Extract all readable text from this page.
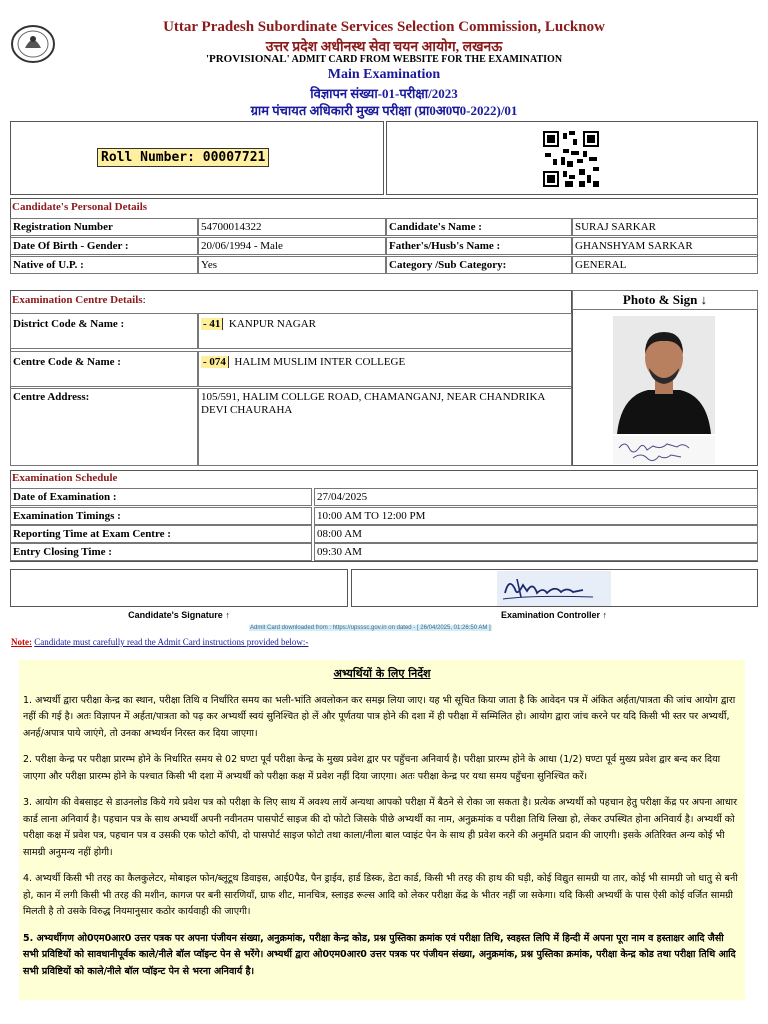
Uttar Pradesh Subordinate Services Selection Commission, Lucknow
उत्तर प्रदेश अधीनस्थ सेवा चयन आयोग, लखनऊ
'PROVISIONAL' ADMIT CARD FROM WEBSITE FOR THE EXAMINATION
Main Examination
विज्ञापन संख्या-01-परीक्षा/2023
ग्राम पंचायत अधिकारी मुख्य परीक्षा (प्रा0अ0प0-2022)/01
Roll Number: 00007721
Candidate's Personal Details
Registration Number	54700014322	Candidate's Name :	SURAJ SARKAR
Date Of Birth - Gender :	20/06/1994 - Male	Father's/Husb's Name :	GHANSHYAM SARKAR
Native of U.P. :	Yes	Category /Sub Category:	GENERAL
Examination Centre Details:	Photo & Sign ↓
District Code & Name :	- 41 KANPUR NAGAR
Centre Code & Name :	- 074 HALIM MUSLIM INTER COLLEGE
Centre Address:	105/591, HALIM COLLGE ROAD, CHAMANGANJ, NEAR CHANDRIKA DEVI CHAURAHA
Examination Schedule
Date of Examination :	27/04/2025
Examination Timings :	10:00 AM TO 12:00 PM
Reporting Time at Exam Centre :	08:00 AM
Entry Closing Time :	09:30 AM
Candidate's Signature ↑	Examination Controller ↑
Admit Card downloaded from : https://upsssc.gov.in on dated - [ 26/04/2025, 01:26:50 AM ]
Note: Candidate must carefully read the Admit Card instructions provided below:-

अभ्यर्थियों के लिए निर्देश

1. अभ्यर्थी द्वारा परीक्षा केन्द्र का स्थान, परीक्षा तिथि व निर्धारित समय का भली-भांति अवलोकन कर समझ लिया जाए। यह भी सूचित किया जाता है कि आवेदन पत्र में अंकित अर्हता/पात्रता की जांच आयोग द्वारा नहीं की गई है। अतः विज्ञापन में अर्हता/पात्रता को पढ़ कर अभ्यर्थी स्वयं सुनिश्चित हो लें और पूर्णतया पात्र होने की दशा में ही परीक्षा में सम्मिलित हो। आयोग द्वारा जांच करने पर यदि किसी भी स्तर पर अभ्यर्थी, अनर्ह/अपात्र पाये जाएंगे, तो उनका अभ्यर्थन निरस्त कर दिया जाएगा।

2. परीक्षा केन्द्र पर परीक्षा प्रारम्भ होने के निर्धारित समय से 02 घण्टा पूर्व परीक्षा केन्द्र के मुख्य प्रवेश द्वार पर पहुँचना अनिवार्य है। परीक्षा प्रारम्भ होने के आधा (1/2) घण्टा पूर्व मुख्य प्रवेश द्वार बन्द कर दिया जाएगा और परीक्षा प्रारम्भ होने के पश्चात किसी भी दशा में अभ्यर्थी को परीक्षा कक्ष में प्रवेश नहीं दिया जाएगा। अतः परीक्षा केन्द्र पर यथा समय पहुँचना सुनिश्चित करें।

3. आयोग की वेबसाइट से डाउनलोड किये गये प्रवेश पत्र को परीक्षा के लिए साथ में अवश्य लायें अन्यथा आपको परीक्षा में बैठने से रोका जा सकता है। प्रत्येक अभ्यर्थी को पहचान हेतु परीक्षा केंद्र पर अपना आधार कार्ड लाना अनिवार्य है। पहचान पत्र के साथ अभ्यर्थी अपनी नवीनतम पासपोर्ट साइज की दो फोटो जिसके पीछे अभ्यर्थी का नाम, अनुक्रमांक व परीक्षा तिथि लिखा हो, लेकर उपस्थित होना अनिवार्य है। अभ्यर्थी को परीक्षा कक्ष में प्रवेश पत्र, पहचान पत्र व उसकी एक फोटो कॉपी, दो पासपोर्ट साइज फोटो तथा काला/नीला बाल प्वाइंट पेन के साथ ही प्रवेश करने की अनुमति प्रदान की जाएगी। इसके अतिरिक्त अन्य कोई भी सामग्री अनुमन्य नहीं होगी।

4. अभ्यर्थी किसी भी तरह का कैलकुलेटर, मोबाइल फोन/ब्लूटूथ डिवाइस, आई0पैड, पैन ड्राईव, हार्ड डिस्क, डेटा कार्ड, किसी भी तरह की हाथ की घड़ी, कोई विद्युत सामग्री या तार, कोई भी सामग्री जो धातु से बनी हो, कान में लगी किसी भी तरह की मशीन, कागज पर बनी सारणियाँ, ग्राफ शीट, मानचित्र, स्लाइड रूल्स आदि को लेकर परीक्षा केंद्र के भीतर नहीं जा सकेगा। यदि किसी अभ्यर्थी के पास ऐसी कोई वर्जित सामग्री मिलती है तो उसके विरुद्ध नियमानुसार कठोर कार्यवाही की जाएगी।

5. अभ्यर्थीगण ओ0एम0आर0 उत्तर पत्रक पर अपना पंजीयन संख्या, अनुक्रमांक, परीक्षा केन्द्र कोड, प्रश्न पुस्तिका क्रमांक एवं परीक्षा तिथि, स्वहस्त लिपि में हिन्दी में अपना पूरा नाम व हस्ताक्षर आदि जैसी सभी प्रविष्टियों को सावधानीपूर्वक काले/नीले बॉल प्वॉइन्ट पेन से भरेंगे। अभ्यर्थी द्वारा ओ0एम0आर0 उत्तर पत्रक पर पंजीयन संख्या, अनुक्रमांक, प्रश्न पुस्तिका क्रमांक, परीक्षा केन्द्र कोड तथा परीक्षा तिथि आदि सभी प्रविष्टियों को काले/नीले बॉल प्वॉइन्ट पेन से भरना अनिवार्य है।
